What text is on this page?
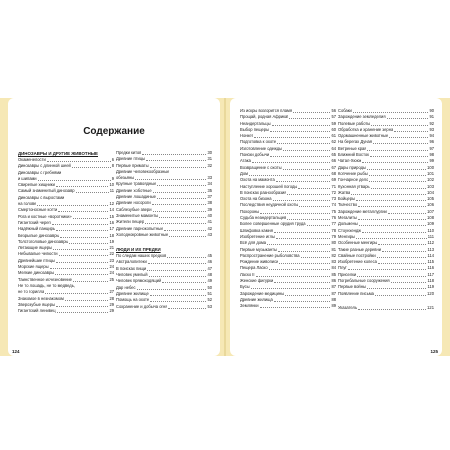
Содержание
ДИНОЗАВРЫ И ДРУГИЕ ЖИВОТНЫЕ
Окаменелости	6
Динозавры с длинной шеей	8
Динозавры с гребнями
и шипами	9
Свирепые хищники	10
Самый знаменитый динозавр	11
Динозавры с выростами
на голове	12
Смертоносные когти	14
Рога и костные «воротники»	15
Гигантский череп	16
Надёжный панцирь	17
Безрылые динозавры	18
Толстоголовые динозавры	19
Летающие ящеры	21
Небывалые челюсти	22
Древнейшие птицы	23
Морские ящеры	24
Мелкие динозавры	24
Таинственное исчезновение	25
Не то лошадь, не то медведь,
не то горилла	27
Знакомое в незнакомом	28
Зверозубые ящеры	29
Гигантский ленивец	29
Предки китов	30
Древние птицы	31
Первые приматы	32
Древние человекообразные
обезьяны	33
Крупные травоядные	34
Древние хоботные	35
Древние лошадиные	37
Древние носороги	38
Саблезубые звери	39
Знаменитые мамонты	40
Жители пещер	41
Древние парнокопытные	42
Холоднокровные животные	43
ЛЮДИ И ИХ ПРЕДКИ
По следам наших предков	45
Австралопитеки	46
В поисках пищи	47
Человек умелый	48
Человек прямоходящий	49
Дар небес	50
Древнее жилище	51
Помощь на охоте	52
Сохранение и добыча огня	53
124
Из искры возгорится пламя	56
Прощай, родная Африка!	57
Неандертальцы	59
Выбор пещеры	60
Нонкет	61
Подготовка к охоте	62
Изготовление одежды	64
Поиски добычи	65
Атака	66
Возвращение с охоты	67
Дом	68
Охота на мамонта	69
Наступление хорошей погоды	71
В поисках разнообразия	72
Охота на бизона	73
Последствия неудачной охоты	74
Похороны	75
Судьба неандертальцев	76
Более совершенные орудия труда	77
Шлифовка камня	78
Изобретение иглы	79
Всё для дома	80
Первые музыканты	81
Распространение рыболовства	82
Рождение живописи	83
Пещера Ласко	84
Ласко II	85
Женские фигурки	86
Бусы	87
Зарождение медицины	87
Древние жилища	88
Землянки	89
Собаки	90
Зарождение земледелия	91
Полевые работы	92
Обработка и хранение зерна	93
Одомашненные животные	94
На берегах Дуная	96
Ветреные края	97
Ближний Восток	98
Чатал-Хююк	99
Дары природы	100
Копчение рыбы	101
Гончарное дело	102
Кухонная утварь	103
Жатва	104
Бойцеры	105
Ткачество	106
Зарождение металлургии	107
Мегалиты	108
Дольмены	109
Стоунхендж	110
Менгиры	111
Особенные менгиры	112
Такие разные деревни	113
Свайные постройки	114
Изобретение колеса	115
Плуг	116
Приселки	117
Погребальные сооружения	118
Первые войны	119
Появление письма	120
Указатель	121
125
